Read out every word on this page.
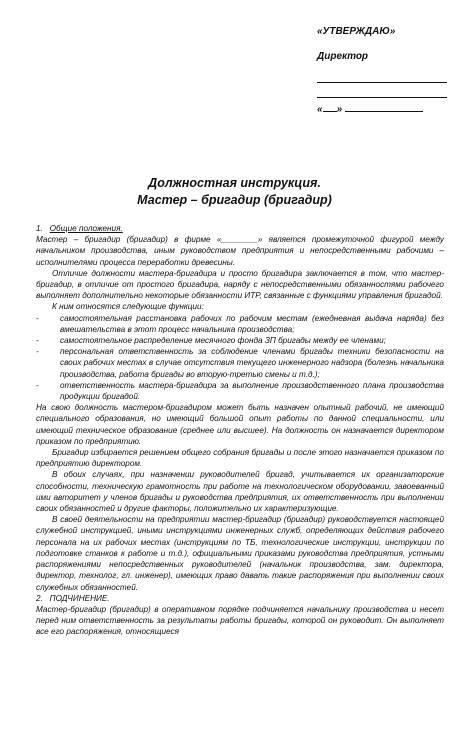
«УТВЕРЖДАЮ»
Директор
« »
Должностная инструкция.
Мастер – бригадир (бригадир)

1. Общие положения.

Мастер – бригадир (бригадир) в фирме «________» является промежуточной фигурой между начальником производства, иным руководством предприятия и непосредственными рабочими –исполнителями процесса переработки древесины.

Отличие должности мастера-бригадира и просто бригадира заключается в том, что мастер-бригадир, в отличие от простого бригадира, наряду с непосредственными обязанностями рабочего выполняет дополнительно некоторые обязанности ИТР, связанные с функциями управления бригадой.

К ним относятся следующие функции:

-	самостоятельная расстановка рабочих по рабочим местам (ежедневная выдача наряда) без вмешательства в этот процесс начальника производства;

-	самостоятельное распределение месячного фонда ЗП бригады между ее членами;

-	персональная ответственность за соблюдение членами бригады техники безопасности на своих рабочих местах в случае отсутствия текущего инженерного надзора (болезнь начальника производства, работа бригады во вторую-третью смены и т.д.);

-	ответственность мастера-бригадира за выполнение производственного плана производства продукции бригадой.

На свою должность мастером-бригадиром может быть назначен опытный рабочий, не имеющий специального образования, но имеющий большой опыт работы по данной специальности, или имеющий техническое образование (среднее или высшее). На должность он назначается директором приказом по предприятию.

Бригадир избирается решением общего собрания бригады и после этого назначается приказом по предприятию директором.

В обоих случаях, при назначении руководителей бригад, учитывается их организаторские способности, техническую грамотность при работе на технологическом оборудовании, завоеванный ими авторитет у членов бригады и руководства предприятия, их ответственность при выполнении своих обязанностей и другие факторы, положительно их характеризующие.

В своей деятельности на предприятии мастер-бригадир (бригадир) руководствуется настоящей служебной инструкцией, иными инструкциями инженерных служб, определяющих действия рабочего персонала на их рабочих местах (инструкциям по ТБ, технологические инструкции, инструкции по подготовке станков к работе и т.д.), официальными приказами руководства предприятия, устными распоряжениями непосредственных руководителей (начальник производства, зам. директора, директор, технолог, гл. инженер), имеющих право давать такие распоряжения при выполнении своих служебных обязанностей.

2. ПОДЧИНЕНИЕ.

Мастер-бригадир (бригадир) в оперативном порядке подчиняется начальнику производства и несет перед ним ответственность за результаты работы бригады, которой он руководит. Он выполняет все его распоряжения, относящиеся
